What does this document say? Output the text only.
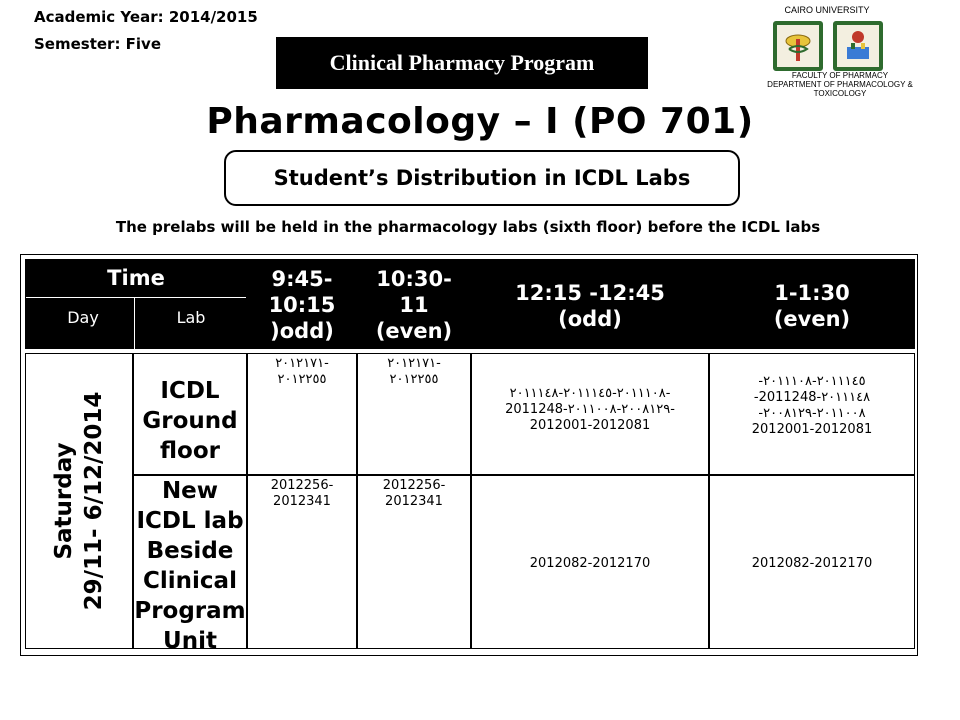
Academic Year: 2014/2015
Semester: Five
Clinical Pharmacy Program
CAIRO UNIVERSITY
FACULTY OF PHARMACY
DEPARTMENT OF PHARMACOLOGY & TOXICOLOGY
Pharmacology – I (PO 701)
Student’s Distribution in ICDL Labs
The prelabs will be held in the pharmacology labs (sixth floor) before the ICDL labs
Time
Day	Lab
9:45-
10:15
)odd)
10:30-
11
(even)
12:15 -12:45
(odd)
1-1:30
(even)
Saturday 29/11- 6/12/2014
ICDL
Ground
floor
٢٠١٢١٧١-
٢٠١٢٢٥٥
٢٠١٢١٧١-
٢٠١٢٢٥٥
٢٠١١١٠٨-٢٠١١١٤٥-٢٠١١١٤٨-
2011248-٢٠٠٨١٢٩-٢٠١١٠٠٨-
2012001-2012081
-٢٠١١١٤٥-٢٠١١١٠٨
-2011248-٢٠١١١٤٨
-٢٠١١٠٠٨-٢٠٠٨١٢٩
2012001-2012081
New
ICDL lab
Beside
Clinical
Program
Unit
2012256-
2012341
2012256-
2012341
2012082-2012170	2012082-2012170
